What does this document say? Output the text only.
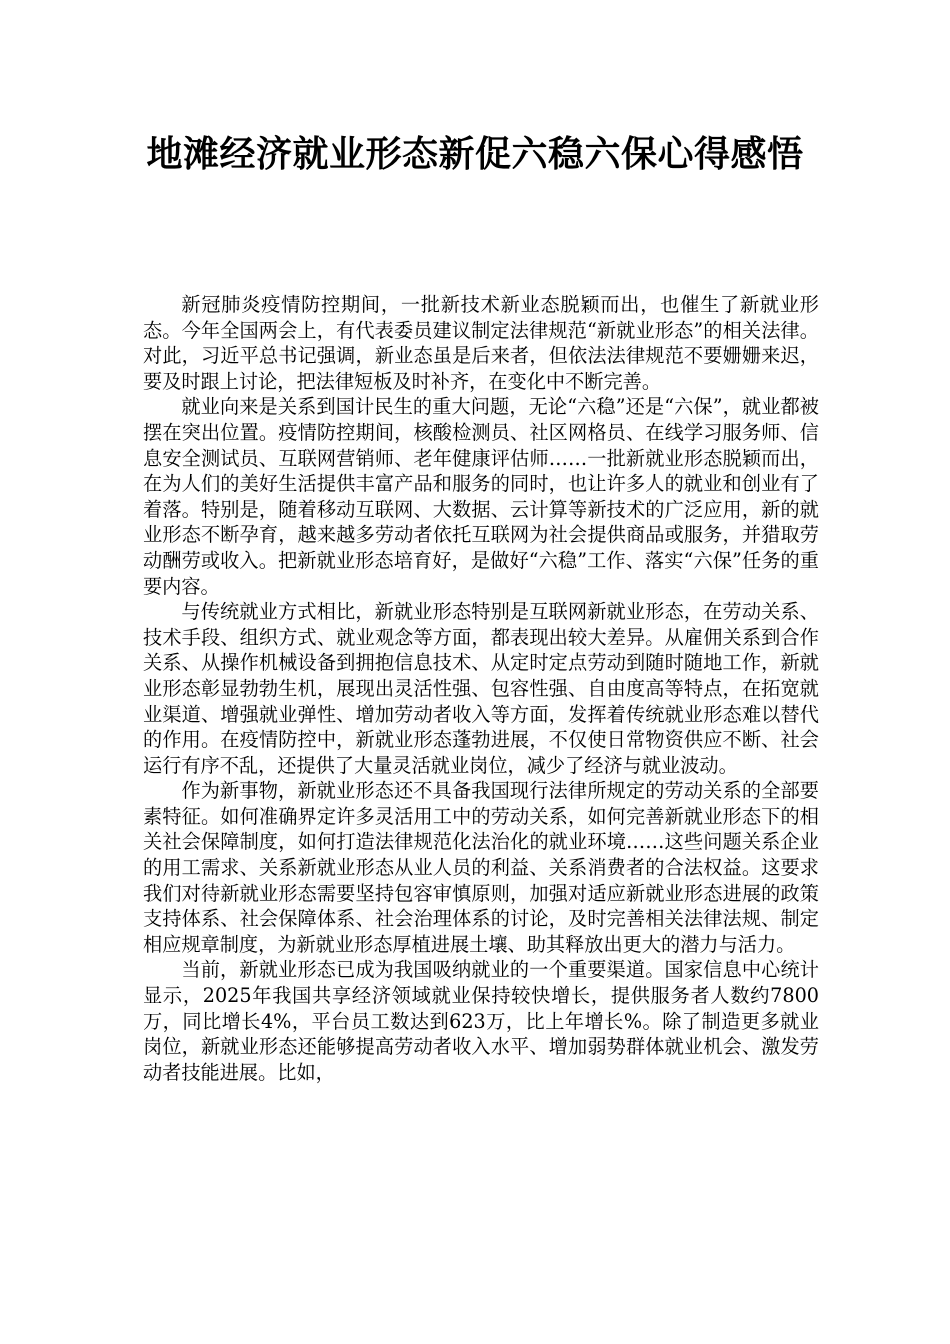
地滩经济就业形态新促六稳六保心得感悟

新冠肺炎疫情防控期间，一批新技术新业态脱颖而出，也催生了新就业形态。今年全国两会上，有代表委员建议制定法律规范“新就业形态”的相关法律。对此，习近平总书记强调，新业态虽是后来者，但依法法律规范不要姗姗来迟，要及时跟上讨论，把法律短板及时补齐，在变化中不断完善。

就业向来是关系到国计民生的重大问题，无论“六稳”还是“六保”，就业都被摆在突出位置。疫情防控期间，核酸检测员、社区网格员、在线学习服务师、信息安全测试员、互联网营销师、老年健康评估师……一批新就业形态脱颖而出，在为人们的美好生活提供丰富产品和服务的同时，也让许多人的就业和创业有了着落。特别是，随着移动互联网、大数据、云计算等新技术的广泛应用，新的就业形态不断孕育，越来越多劳动者依托互联网为社会提供商品或服务，并猎取劳动酬劳或收入。把新就业形态培育好，是做好“六稳”工作、落实“六保”任务的重要内容。

与传统就业方式相比，新就业形态特别是互联网新就业形态，在劳动关系、技术手段、组织方式、就业观念等方面，都表现出较大差异。从雇佣关系到合作关系、从操作机械设备到拥抱信息技术、从定时定点劳动到随时随地工作，新就业形态彰显勃勃生机，展现出灵活性强、包容性强、自由度高等特点，在拓宽就业渠道、增强就业弹性、增加劳动者收入等方面，发挥着传统就业形态难以替代的作用。在疫情防控中，新就业形态蓬勃进展，不仅使日常物资供应不断、社会运行有序不乱，还提供了大量灵活就业岗位，减少了经济与就业波动。

作为新事物，新就业形态还不具备我国现行法律所规定的劳动关系的全部要素特征。如何准确界定许多灵活用工中的劳动关系，如何完善新就业形态下的相关社会保障制度，如何打造法律规范化法治化的就业环境……这些问题关系企业的用工需求、关系新就业形态从业人员的利益、关系消费者的合法权益。这要求我们对待新就业形态需要坚持包容审慎原则，加强对适应新就业形态进展的政策支持体系、社会保障体系、社会治理体系的讨论，及时完善相关法律法规、制定相应规章制度，为新就业形态厚植进展土壤、助其释放出更大的潜力与活力。

当前，新就业形态已成为我国吸纳就业的一个重要渠道。国家信息中心统计显示，2025年我国共享经济领域就业保持较快增长，提供服务者人数约7800万，同比增长4%，平台员工数达到623万，比上年增长%。除了制造更多就业岗位，新就业形态还能够提高劳动者收入水平、增加弱势群体就业机会、激发劳动者技能进展。比如，
